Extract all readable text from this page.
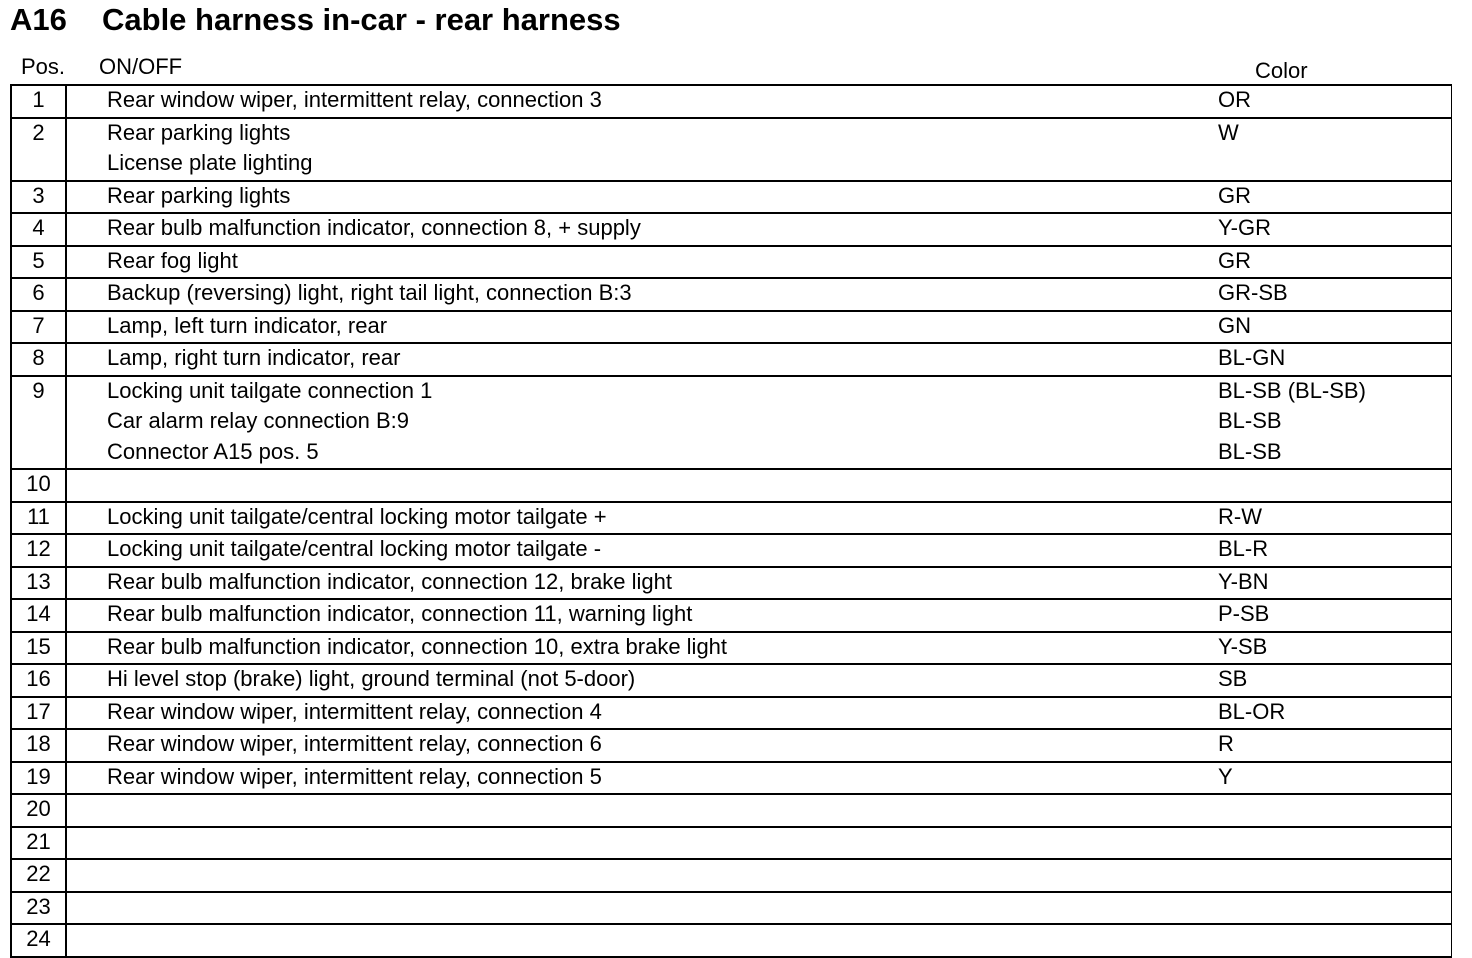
A16 Cable harness in-car - rear harness
Pos. ON/OFF	Color
1	Rear window wiper, intermittent relay, connection 3	OR
2	Rear parking lights	W
License plate lighting
3	Rear parking lights	GR
4	Rear bulb malfunction indicator, connection 8, + supply	Y-GR
5	Rear fog light	GR
6	Backup (reversing) light, right tail light, connection B:3	GR-SB
7	Lamp, left turn indicator, rear	GN
8	Lamp, right turn indicator, rear	BL-GN
9	Locking unit tailgate connection 1	BL-SB (BL-SB)
Car alarm relay connection B:9	BL-SB
Connector A15 pos. 5	BL-SB
10
11	Locking unit tailgate/central locking motor tailgate +	R-W
12	Locking unit tailgate/central locking motor tailgate -	BL-R
13	Rear bulb malfunction indicator, connection 12, brake light	Y-BN
14	Rear bulb malfunction indicator, connection 11, warning light	P-SB
15	Rear bulb malfunction indicator, connection 10, extra brake light	Y-SB
16	Hi level stop (brake) light, ground terminal (not 5-door)	SB
17	Rear window wiper, intermittent relay, connection 4	BL-OR
18	Rear window wiper, intermittent relay, connection 6	R
19	Rear window wiper, intermittent relay, connection 5	Y
20
21
22
23
24
